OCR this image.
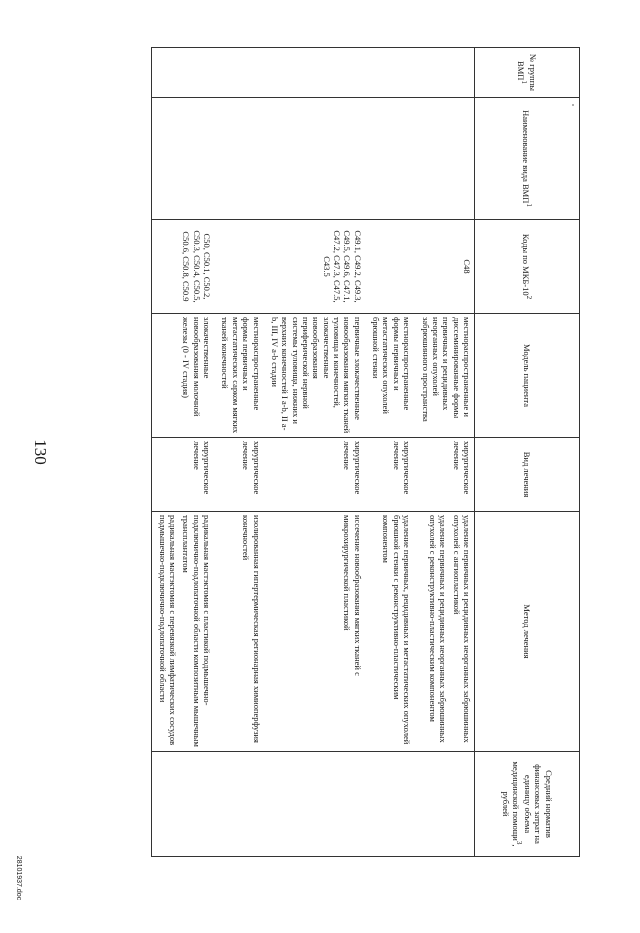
130
28101937.doc
№ группы ВМП$^1$	Наименование вида ВМП$^1$	Коды по МКБ-$10^2$	Модель пациента	Вид лечения	Метод лечения	Средний норматив финансовых затрат на единицу объема медицинской помощи$^3$, рублей
		C48	местнораспространенные и диссеминированные формы первичных и рецидивных неорганных опухолей забрюшинного пространства	хирургическое лечение	удаление первичных и рецидивных неорганных забрюшинных опухолей с ангиопластикой
удаление первичных и рецидивных неорганных забрюшинных опухолей с реконструктивно-пластическим компонентом	

			местнораспространенные формы первичных и метастатических опухолей брюшной стенки	хирургическое лечение	удаление первичных, рецидивных и метастатических опухолей брюшной стенки с реконструктивно-пластическим компонентом	

		C49.1, C49.2, C49.3, C49.5, C49.6, C47.1, C47.2, C47.3, C47.5, C43.5	первичные злокачественные новообразования мягких тканей туловища и конечностей, злокачественные новообразования периферической нервной системы туловища, нижних и верхних конечностей I a-b, II a-b, III, IV a-b стадии	хирургическое лечение	иссечение новообразования мягких тканей с микрохирургической пластикой	

			местнораспространенные формы первичных и метастатических сарком мягких тканей конечностей	хирургическое лечение	изолированная гипертермическая регионарная химиоперфузия конечностей	

		C50, C50.1, C50.2, C50.3, C50.4, C50.5, C50.6, C50.8, C50.9	злокачественные новообразования молочной железы (0 - IV стадия)	хирургическое лечение	радикальная мастэктомия с пластикой подмышечно-подключично-подлопаточной области композитным мышечным трансплантатом
радикальная мастэктомия с перевязкой лимфатических сосудов подмышечно-подключично-подлопаточной области	
